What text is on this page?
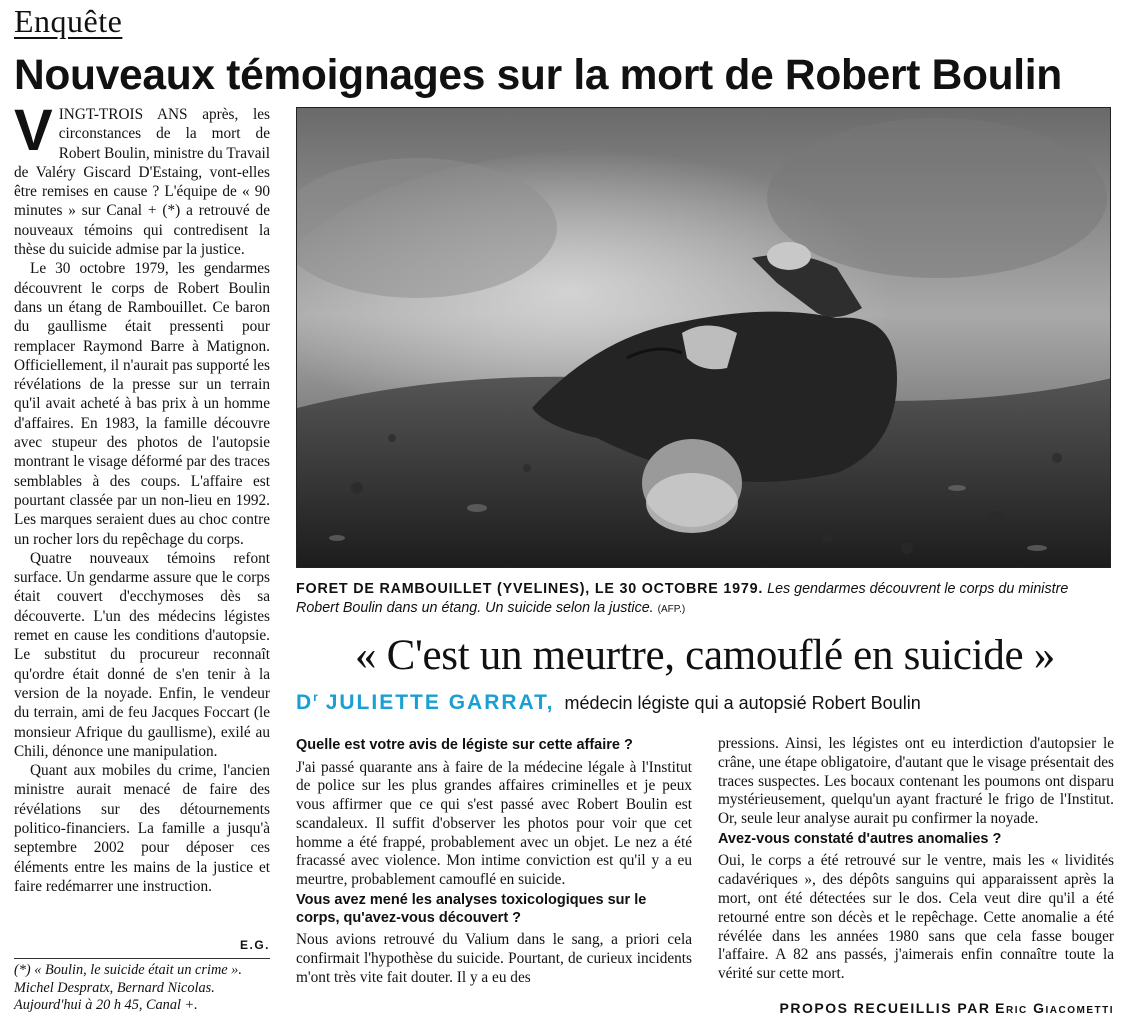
Enquête
Nouveaux témoignages sur la mort de Robert Boulin

VINGT-TROIS ANS après, les circonstances de la mort de Robert Boulin, ministre du Travail de Valéry Giscard D'Estaing, vont-elles être remises en cause ? L'équipe de « 90 minutes » sur Canal + (*) a retrouvé de nouveaux témoins qui contredisent la thèse du suicide admise par la justice.

Le 30 octobre 1979, les gendarmes découvrent le corps de Robert Boulin dans un étang de Rambouillet. Ce baron du gaullisme était pressenti pour remplacer Raymond Barre à Matignon. Officiellement, il n'aurait pas supporté les révélations de la presse sur un terrain qu'il avait acheté à bas prix à un homme d'affaires. En 1983, la famille découvre avec stupeur des photos de l'autopsie montrant le visage déformé par des traces semblables à des coups. L'affaire est pourtant classée par un non-lieu en 1992. Les marques seraient dues au choc contre un rocher lors du repêchage du corps.

Quatre nouveaux témoins refont surface. Un gendarme assure que le corps était couvert d'ecchymoses dès sa découverte. L'un des médecins légistes remet en cause les conditions d'autopsie. Le substitut du procureur reconnaît qu'ordre était donné de s'en tenir à la version de la noyade. Enfin, le vendeur du terrain, ami de feu Jacques Foccart (le monsieur Afrique du gaullisme), exilé au Chili, dénonce une manipulation.

Quant aux mobiles du crime, l'ancien ministre aurait menacé de faire des révélations sur des détournements politico-financiers. La famille a jusqu'à septembre 2002 pour déposer ces éléments entre les mains de la justice et faire redémarrer une instruction.

E.G.
(*) « Boulin, le suicide était un crime ». Michel Despratx, Bernard Nicolas. Aujourd'hui à 20 h 45, Canal +.
FORET DE RAMBOUILLET (YVELINES), LE 30 OCTOBRE 1979. Les gendarmes découvrent le corps du ministre Robert Boulin dans un étang. Un suicide selon la justice. (AFP.)
« C'est un meurtre, camouflé en suicide »
$D^r$ JULIETTE GARRAT, médecin légiste qui a autopsié Robert Boulin
Quelle est votre avis de légiste sur cette affaire ?

J'ai passé quarante ans à faire de la médecine légale à l'Institut de police sur les plus grandes affaires criminelles et je peux vous affirmer que ce qui s'est passé avec Robert Boulin est scandaleux. Il suffit d'observer les photos pour voir que cet homme a été frappé, probablement avec un objet. Le nez a été fracassé avec violence. Mon intime conviction est qu'il y a eu meurtre, probablement camouflé en suicide.

Vous avez mené les analyses toxicologiques sur le corps, qu'avez-vous découvert ?

Nous avions retrouvé du Valium dans le sang, a priori cela confirmait l'hypothèse du suicide. Pourtant, de curieux incidents m'ont très vite fait douter. Il y a eu des

pressions. Ainsi, les légistes ont eu interdiction d'autopsier le crâne, une étape obligatoire, d'autant que le visage présentait des traces suspectes. Les bocaux contenant les poumons ont disparu mystérieusement, quelqu'un ayant fracturé le frigo de l'Institut. Or, seule leur analyse aurait pu confirmer la noyade.

Avez-vous constaté d'autres anomalies ?

Oui, le corps a été retrouvé sur le ventre, mais les « lividités cadavériques », des dépôts sanguins qui apparaissent après la mort, ont été détectées sur le dos. Cela veut dire qu'il a été retourné entre son décès et le repêchage. Cette anomalie a été révélée dans les années 1980 sans que cela fasse bouger l'affaire. A 82 ans passés, j'aimerais enfin connaître toute la vérité sur cette mort.

PROPOS RECUEILLIS PAR Eric Giacometti
